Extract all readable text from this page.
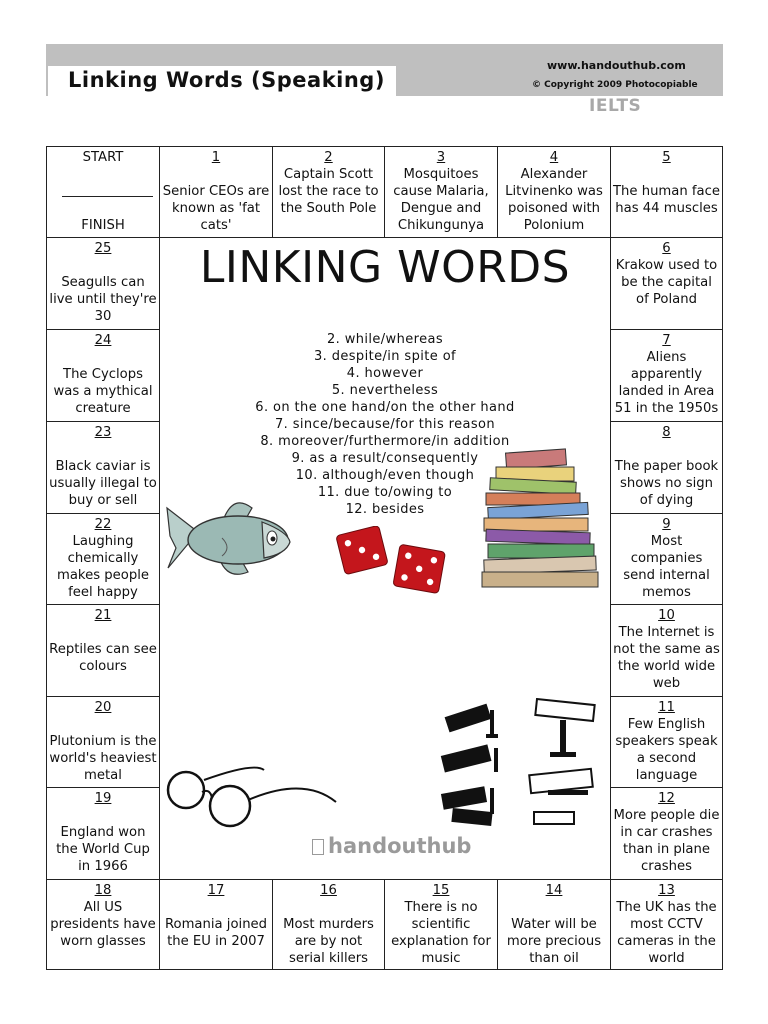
Linking Words (Speaking)
www.handouthub.com
© Copyright 2009 Photocopiable
IELTS
START
FINISH
1
Senior CEOs are known as 'fat cats'
2
Captain Scott lost the race to the South Pole
3
Mosquitoes cause Malaria, Dengue and Chikungunya
4
Alexander Litvinenko was poisoned with Polonium
5
The human face has 44 muscles
6
Krakow used to be the capital of Poland
7
Aliens apparently landed in Area 51 in the 1950s
8
The paper book shows no sign of dying
9
Most companies send internal memos
10
The Internet is not the same as the world wide web
11
Few English speakers speak a second language
12
More people die in car crashes than in plane crashes
13
The UK has the most CCTV cameras in the world
14
Water will be more precious than oil
15
There is no scientific explanation for music
16
Most murders are by not serial killers
17
Romania joined the EU in 2007
18
All US presidents have worn glasses
19
England won the World Cup in 1966
20
Plutonium is the world's heaviest metal
21
Reptiles can see colours
22
Laughing chemically makes people feel happy
23
Black caviar is usually illegal to buy or sell
24
The Cyclops was a mythical creature
25
Seagulls can live until they're 30
LINKING WORDS
2. while/whereas
3. despite/in spite of
4. however
5. nevertheless
6. on the one hand/on the other hand
7. since/because/for this reason
8. moreover/furthermore/in addition
9. as a result/consequently
10. although/even though
11. due to/owing to
12. besides
handouthub
